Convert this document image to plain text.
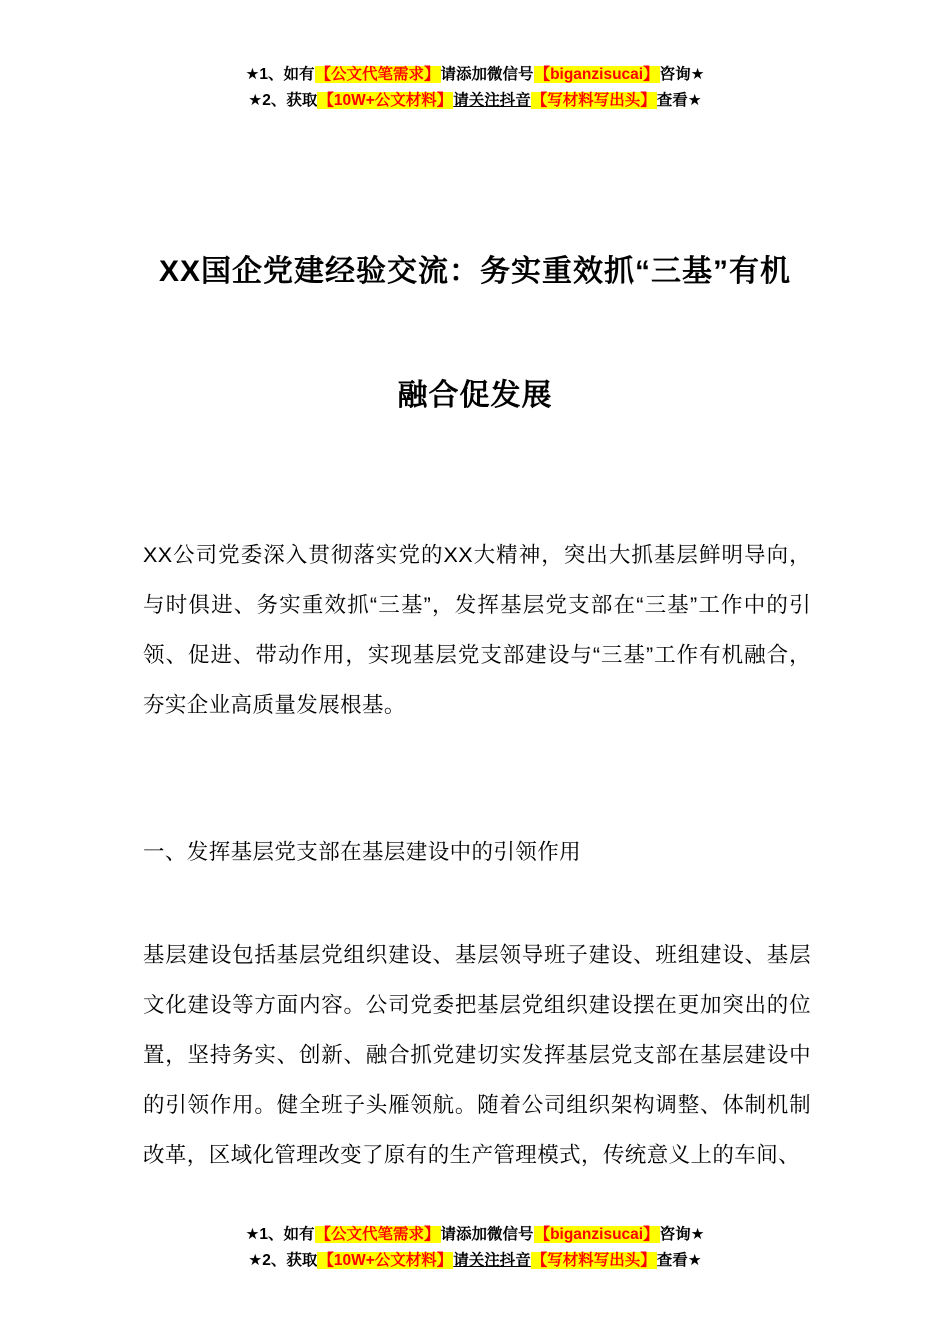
★1、如有【公文代笔需求】请添加微信号【biganzisucai】咨询★
★2、获取【10W+公文材料】请关注抖音【写材料写出头】查看★
XX国企党建经验交流：务实重效抓“三基”有机融合促发展

XX公司党委深入贯彻落实党的XX大精神，突出大抓基层鲜明导向，与时俱进、务实重效抓“三基”，发挥基层党支部在“三基”工作中的引领、促进、带动作用，实现基层党支部建设与“三基”工作有机融合，夯实企业高质量发展根基。

一、发挥基层党支部在基层建设中的引领作用

基层建设包括基层党组织建设、基层领导班子建设、班组建设、基层文化建设等方面内容。公司党委把基层党组织建设摆在更加突出的位置，坚持务实、创新、融合抓党建切实发挥基层党支部在基层建设中的引领作用。健全班子头雁领航。随着公司组织架构调整、体制机制改革，区域化管理改变了原有的生产管理模式，传统意义上的车间、

★1、如有【公文代笔需求】请添加微信号【biganzisucai】咨询★
★2、获取【10W+公文材料】请关注抖音【写材料写出头】查看★
